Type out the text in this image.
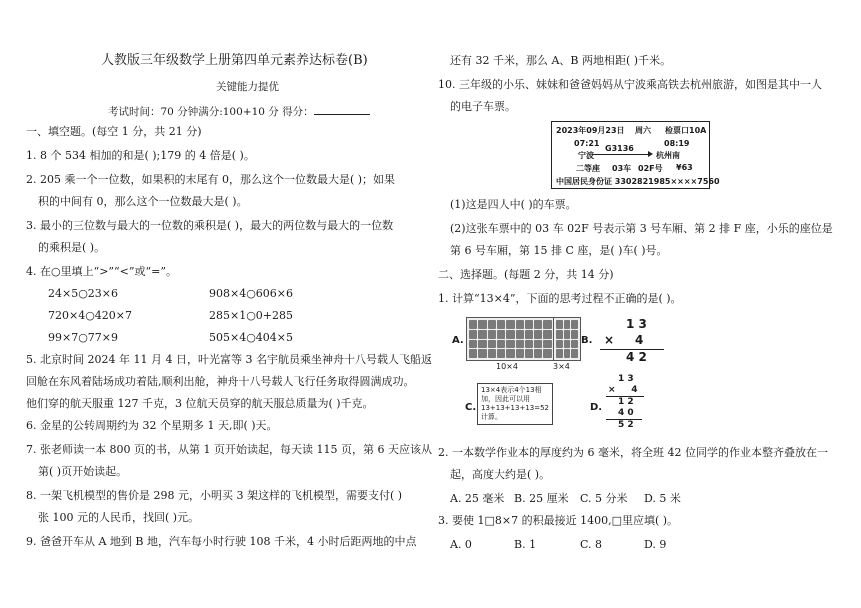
人教版三年级数学上册第四单元素养达标卷(B)
关键能力提优
考试时间：70 分钟满分:100+10 分 得分：
一、填空题。(每空 1 分，共 21 分)
1. 8 个 534 相加的和是( );179 的 4 倍是( )。
2. 205 乘一个一位数，如果积的末尾有 0，那么这个一位数最大是( )；如果
积的中间有 0，那么这个一位数最大是( )。
3. 最小的三位数与最大的一位数的乘积是( )，最大的两位数与最大的一位数
的乘积是( )。
4. 在○里填上“>”“<”或“=”。
24×5○23×6	908×4○606×6
720×4○420×7	285×1○0+285
99×7○77×9	505×4○404×5
5. 北京时间 2024 年 11 月 4 日，叶光富等 3 名宇航员乘坐神舟十八号载人飞船返
回舱在东风着陆场成功着陆,顺利出舱，神舟十八号载人飞行任务取得圆满成功。
他们穿的航天服重 127 千克，3 位航天员穿的航天服总质量为( )千克。
6. 金星的公转周期约为 32 个星期多 1 天,即( )天。
7. 张老师读一本 800 页的书，从第 1 页开始读起，每天读 115 页，第 6 天应该从
第( )页开始读起。
8. 一架飞机模型的售价是 298 元，小明买 3 架这样的飞机模型，需要支付( )
张 100 元的人民币，找回( )元。
9. 爸爸开车从 A 地到 B 地，汽车每小时行驶 108 千米，4 小时后距两地的中点
还有 32 千米，那么 A、B 两地相距( )千米。
10. 三年级的小乐、妹妹和爸爸妈妈从宁波乘高铁去杭州旅游，如图是其中一人
的电子车票。
(1)这是四人中( )的车票。
(2)这张车票中的 03 车 02F 号表示第 3 号车厢、第 2 排 F 座，小乐的座位是
第 6 号车厢，第 15 排 C 座，是( )车( )号。
二、选择题。(每题 2 分，共 14 分)
1. 计算“13×4”，下面的思考过程不正确的是( )。
2. 一本数学作业本的厚度约为 6 毫米，将全班 42 位同学的作业本整齐叠放在一
起，高度大约是( )。
A. 25 毫米 B. 25 厘米 C. 5 分米 D. 5 米
3. 要使 1□8×7 的积最接近 1400,□里应填( )。
A. 0	B. 1	C. 8	D. 9
2023年09月23日 周六 检票口10A
07:21	08:19
G3136
宁波	杭州南
二等座 03车 02F号 ¥63
中国居民身份证 3302821985××××7560
A.
10×4	3×4
B.
1 3
×     4
4 2
C.
13×4表示4个13相
加，因此可以用
13+13+13+13=52
计算。
D.
1 3
×     4
1 2
4 0
5 2
